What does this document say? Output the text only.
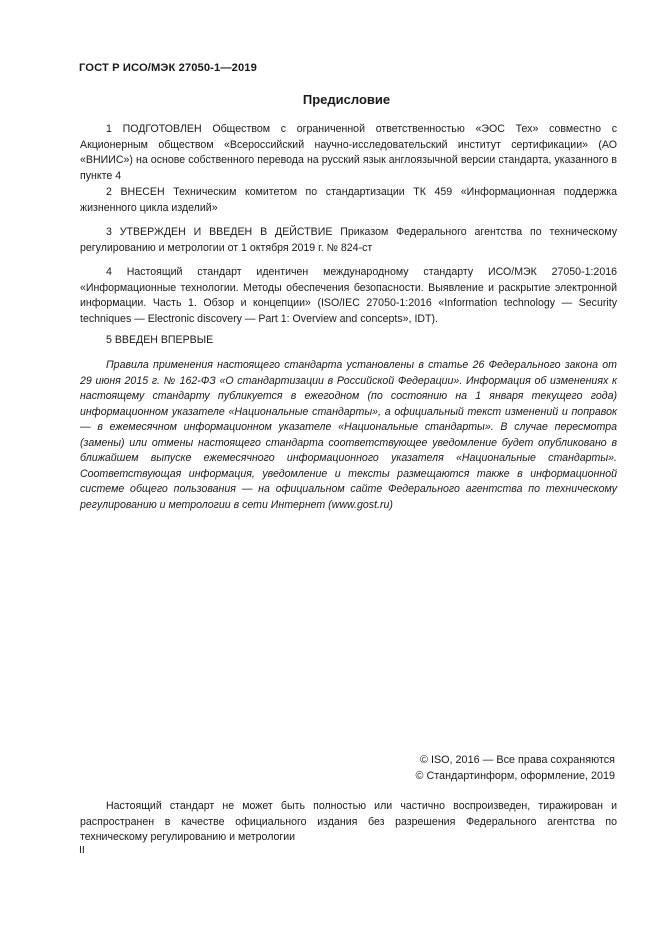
ГОСТ Р ИСО/МЭК 27050-1—2019
Предисловие
1 ПОДГОТОВЛЕН Обществом с ограниченной ответственностью «ЭОС Тех» совместно с Акционерным обществом «Всероссийский научно-исследовательский институт сертификации» (АО «ВНИИС») на основе собственного перевода на русский язык англоязычной версии стандарта, указанного в пункте 4
2 ВНЕСЕН Техническим комитетом по стандартизации ТК 459 «Информационная поддержка жизненного цикла изделий»
3 УТВЕРЖДЕН И ВВЕДЕН В ДЕЙСТВИЕ Приказом Федерального агентства по техническому регулированию и метрологии от 1 октября 2019 г. № 824-ст
4 Настоящий стандарт идентичен международному стандарту ИСО/МЭК 27050-1:2016 «Информационные технологии. Методы обеспечения безопасности. Выявление и раскрытие электронной информации. Часть 1. Обзор и концепции» (ISO/IEC 27050-1:2016 «Information technology — Security techniques — Electronic discovery — Part 1: Overview and concepts», IDT).
5 ВВЕДЕН ВПЕРВЫЕ
Правила применения настоящего стандарта установлены в статье 26 Федерального закона от 29 июня 2015 г. № 162-ФЗ «О стандартизации в Российской Федерации». Информация об изменениях к настоящему стандарту публикуется в ежегодном (по состоянию на 1 января текущего года) информационном указателе «Национальные стандарты», а официальный текст изменений и поправок — в ежемесячном информационном указателе «Национальные стандарты». В случае пересмотра (замены) или отмены настоящего стандарта соответствующее уведомление будет опубликовано в ближайшем выпуске ежемесячного информационного указателя «Национальные стандарты». Соответствующая информация, уведомление и тексты размещаются также в информационной системе общего пользования — на официальном сайте Федерального агентства по техническому регулированию и метрологии в сети Интернет (www.gost.ru)
© ISO, 2016 — Все права сохраняются
© Стандартинформ, оформление, 2019
Настоящий стандарт не может быть полностью или частично воспроизведен, тиражирован и распространен в качестве официального издания без разрешения Федерального агентства по техническому регулированию и метрологии
II
